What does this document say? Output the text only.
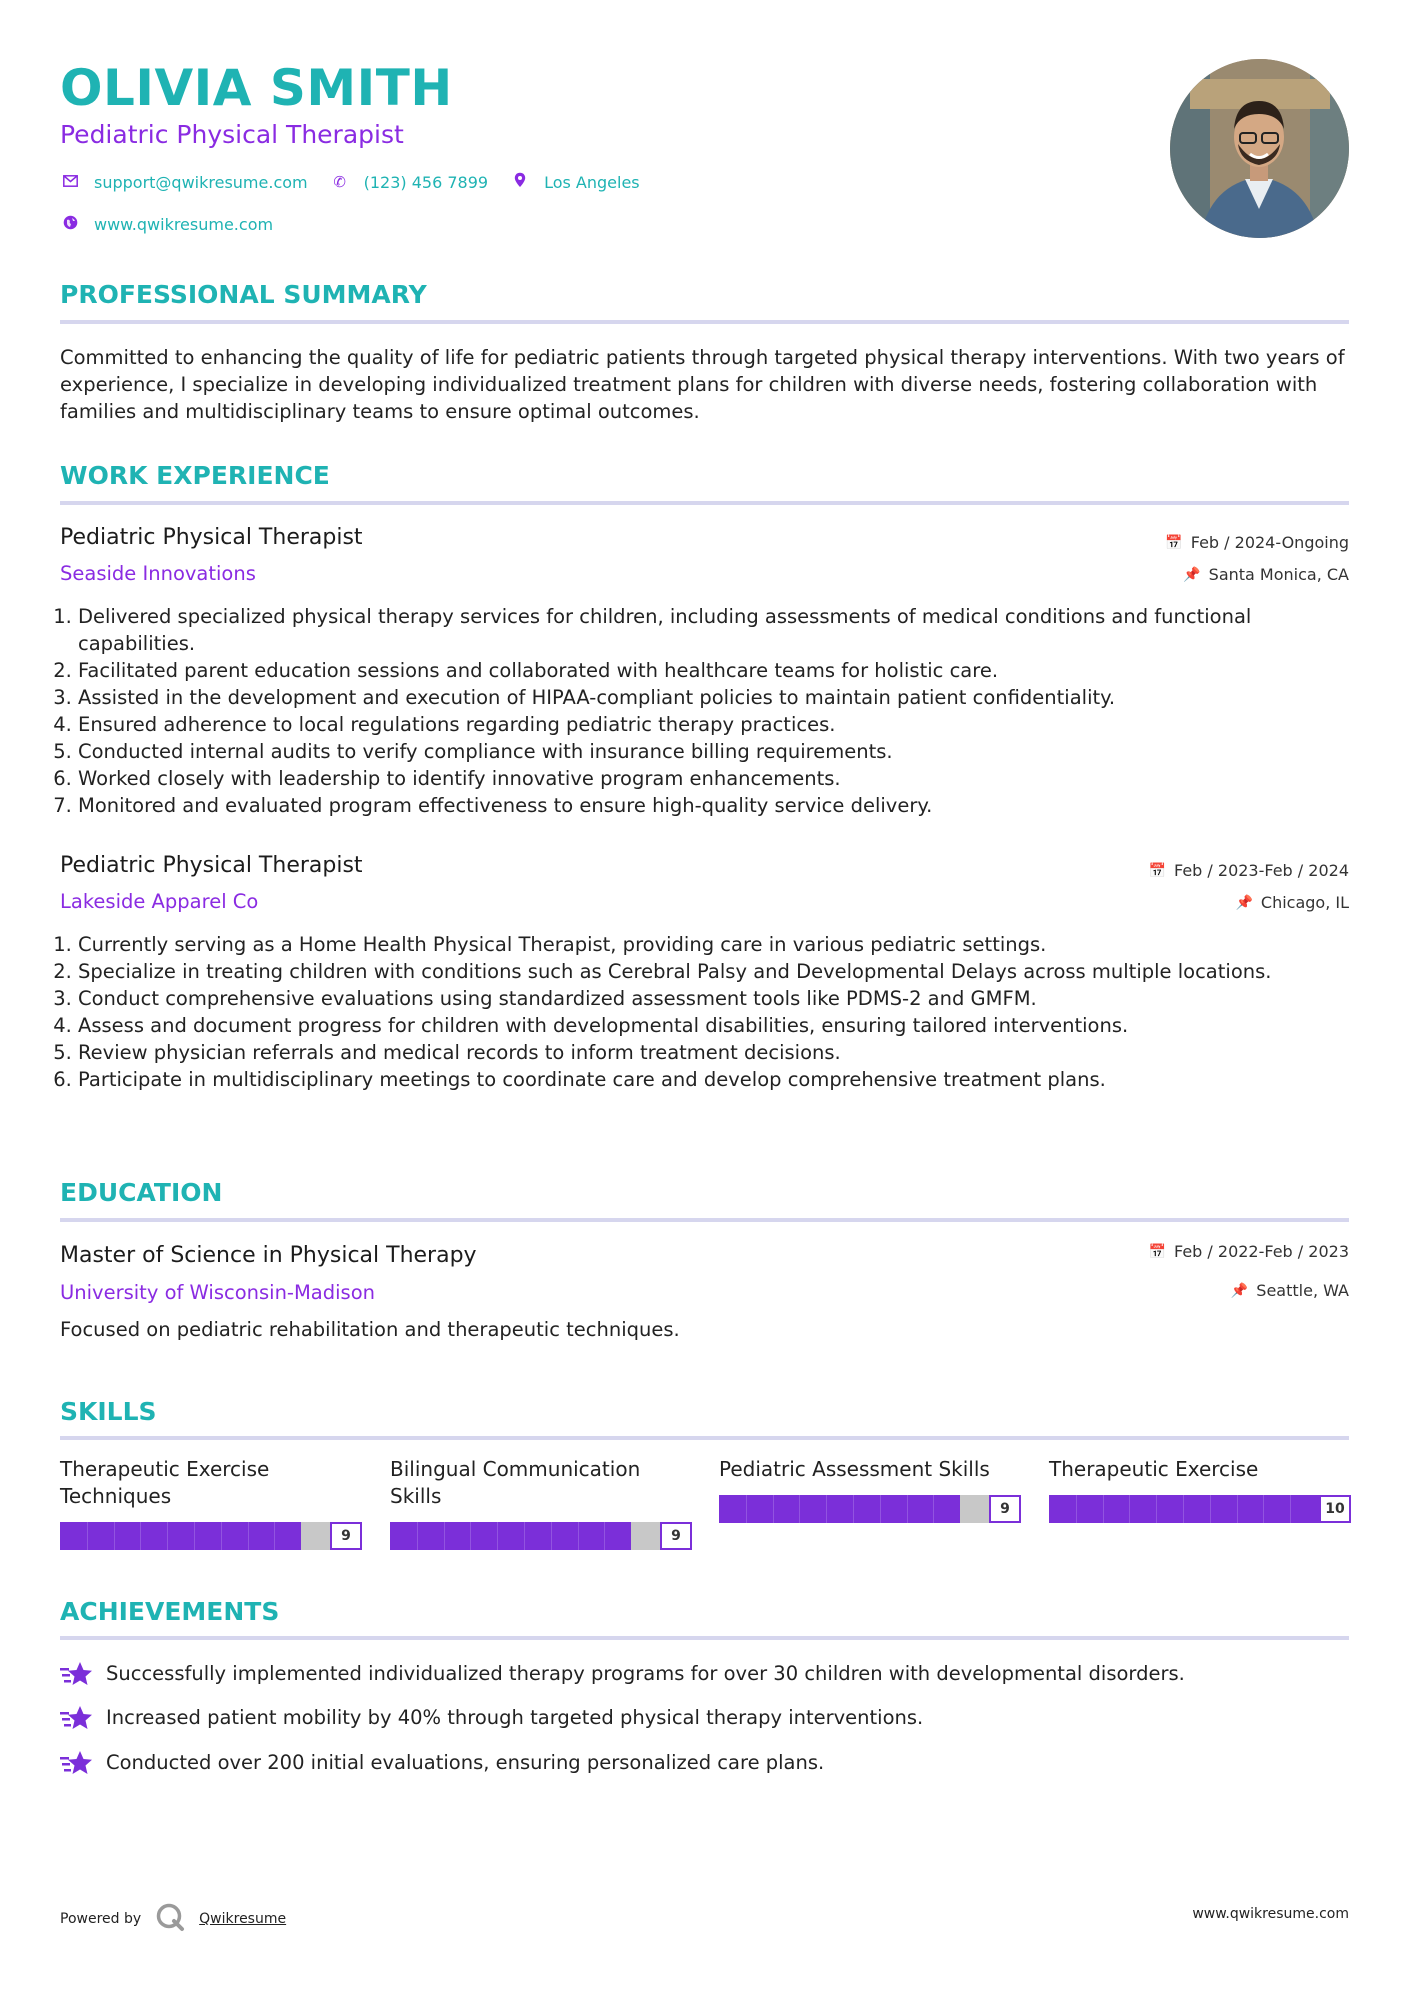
OLIVIA SMITH
Pediatric Physical Therapist
support@qwikresume.com ✆ (123) 456 7899	Los Angeles
www.qwikresume.com
PROFESSIONAL SUMMARY
Committed to enhancing the quality of life for pediatric patients through targeted physical therapy interventions. With two years of experience, I specialize in developing individualized treatment plans for children with diverse needs, fostering collaboration with families and multidisciplinary teams to ensure optimal outcomes.
WORK EXPERIENCE
Pediatric Physical Therapist
Seaside Innovations
📅 Feb / 2024-Ongoing
📌 Santa Monica, CA
1. Delivered specialized physical therapy services for children, including assessments of medical conditions and functional capabilities.
2. Facilitated parent education sessions and collaborated with healthcare teams for holistic care.
3. Assisted in the development and execution of HIPAA-compliant policies to maintain patient confidentiality.
4. Ensured adherence to local regulations regarding pediatric therapy practices.
5. Conducted internal audits to verify compliance with insurance billing requirements.
6. Worked closely with leadership to identify innovative program enhancements.
7. Monitored and evaluated program effectiveness to ensure high-quality service delivery.
Pediatric Physical Therapist
Lakeside Apparel Co
📅 Feb / 2023-Feb / 2024
📌 Chicago, IL
1. Currently serving as a Home Health Physical Therapist, providing care in various pediatric settings.
2. Specialize in treating children with conditions such as Cerebral Palsy and Developmental Delays across multiple locations.
3. Conduct comprehensive evaluations using standardized assessment tools like PDMS-2 and GMFM.
4. Assess and document progress for children with developmental disabilities, ensuring tailored interventions.
5. Review physician referrals and medical records to inform treatment decisions.
6. Participate in multidisciplinary meetings to coordinate care and develop comprehensive treatment plans.
EDUCATION
Master of Science in Physical Therapy
University of Wisconsin-Madison
📅 Feb / 2022-Feb / 2023
📌 Seattle, WA
Focused on pediatric rehabilitation and therapeutic techniques.
SKILLS
Therapeutic Exercise Techniques
9
Bilingual Communication Skills
9
Pediatric Assessment Skills
9
Therapeutic Exercise
10
ACHIEVEMENTS
Successfully implemented individualized therapy programs for over 30 children with developmental disorders.
Increased patient mobility by 40% through targeted physical therapy interventions.
Conducted over 200 initial evaluations, ensuring personalized care plans.
Powered by	Qwikresume	www.qwikresume.com
